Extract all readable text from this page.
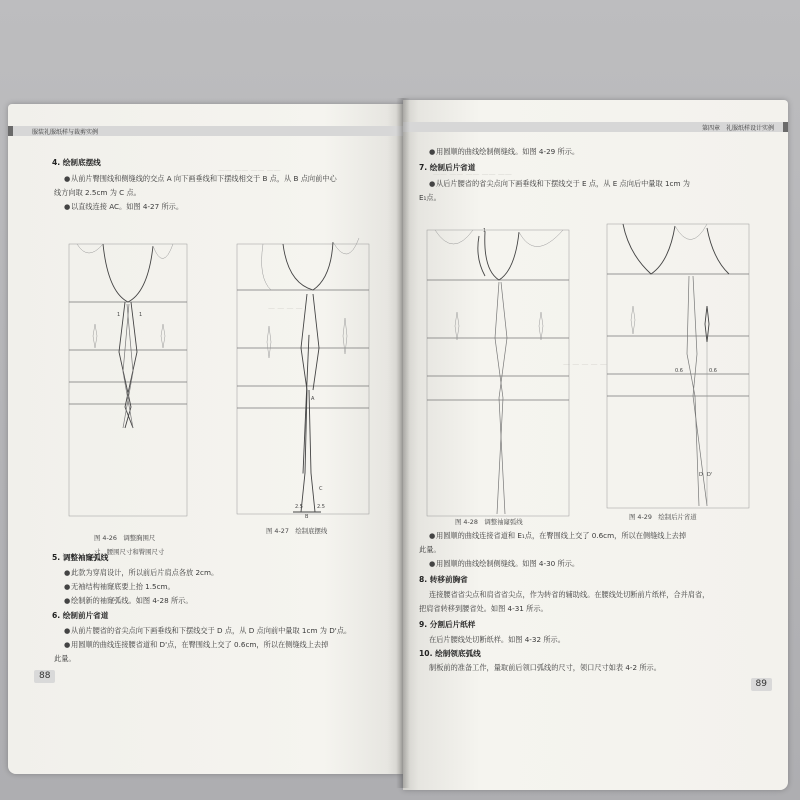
服装礼服纸样与裁剪实例
—— —— —— ——
— — — —
4. 绘制底摆线
●从前片臀围线和侧缝线的交点 A 向下画垂线和下摆线相交于 B 点，从 B 点向前中心
线方向取 2.5cm 为 C 点。
●以直线连接 AC。如图 4-27 所示。
1
1
图 4-26　调整胸围尺
寸，腰围尺寸和臀围尺寸
A
C
2.5	2.5
B
图 4-27　绘制底摆线
5. 调整袖窿弧线
●此款为穿肩设计，所以前后片肩点各放 2cm。
●无袖结构袖窿底要上抬 1.5cm。
●绘制新的袖窿弧线。如图 4-28 所示。
6. 绘制前片省道
●从前片腰省的省尖点向下画垂线和下摆线交于 D 点，从 D 点向前中量取 1cm 为 D'点。
●用圆顺的曲线连接腰省道和 D'点，在臀围线上交了 0.6cm，所以在侧缝线上去掉
此量。
88
第四章　礼服纸样设计实例
—— —— —— —— ——
— — — — —
●用圆顺的曲线绘制侧缝线。如图 4-29 所示。
7. 绘制后片省道
●从后片腰省的省尖点向下画垂线和下摆线交于 E 点，从 E 点向后中量取 1cm 为
E₁点。
1
图 4-28　调整袖窿弧线
0.6	0.6
D D'
图 4-29　绘制后片省道
●用圆顺的曲线连接省道和 E₁点，在臀围线上交了 0.6cm，所以在侧缝线上去掉
此量。
●用圆顺的曲线绘制侧缝线。如图 4-30 所示。
8. 转移前胸省
连接腰省省尖点和肩省省尖点，作为转省的辅助线。在腰线处切断前片纸样，合并肩省，
把肩省转移到腰省处。如图 4-31 所示。
9. 分割后片纸样
在后片腰线处切断纸样。如图 4-32 所示。
10. 绘制领底弧线
制板前的准备工作，量取前后领口弧线的尺寸，领口尺寸如表 4-2 所示。
89
